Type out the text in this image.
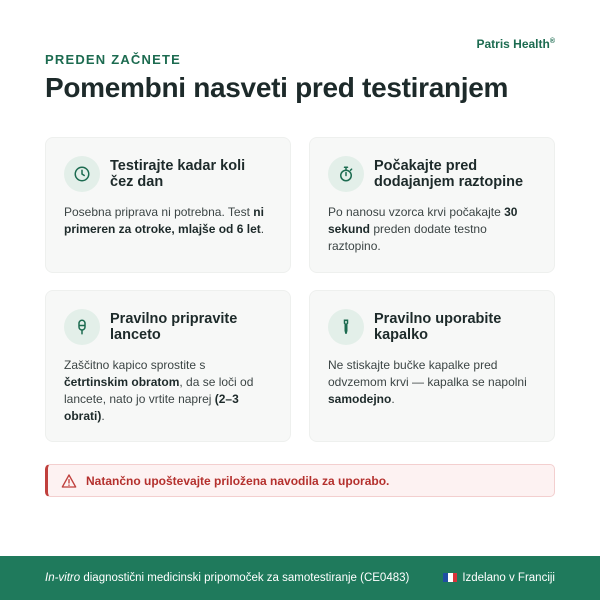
Patris Health®
PREDEN ZAČNETE
Pomembni nasveti pred testiranjem
Testirajte kadar koli čez dan
Posebna priprava ni potrebna. Test ni primeren za otroke, mlajše od 6 let.
Počakajte pred dodajanjem raztopine
Po nanosu vzorca krvi počakajte 30 sekund preden dodate testno raztopino.
Pravilno pripravite lanceto
Zaščitno kapico sprostite s četrtinskim obratom, da se loči od lancete, nato jo vrtite naprej (2–3 obrati).
Pravilno uporabite kapalko
Ne stiskajte bučke kapalke pred odvzemom krvi — kapalka se napolni samodejno.
Natančno upoštevajte priložena navodila za uporabo.
In-vitro diagnostični medicinski pripomoček za samotestiranje (CE0483)	Izdelano v Franciji
